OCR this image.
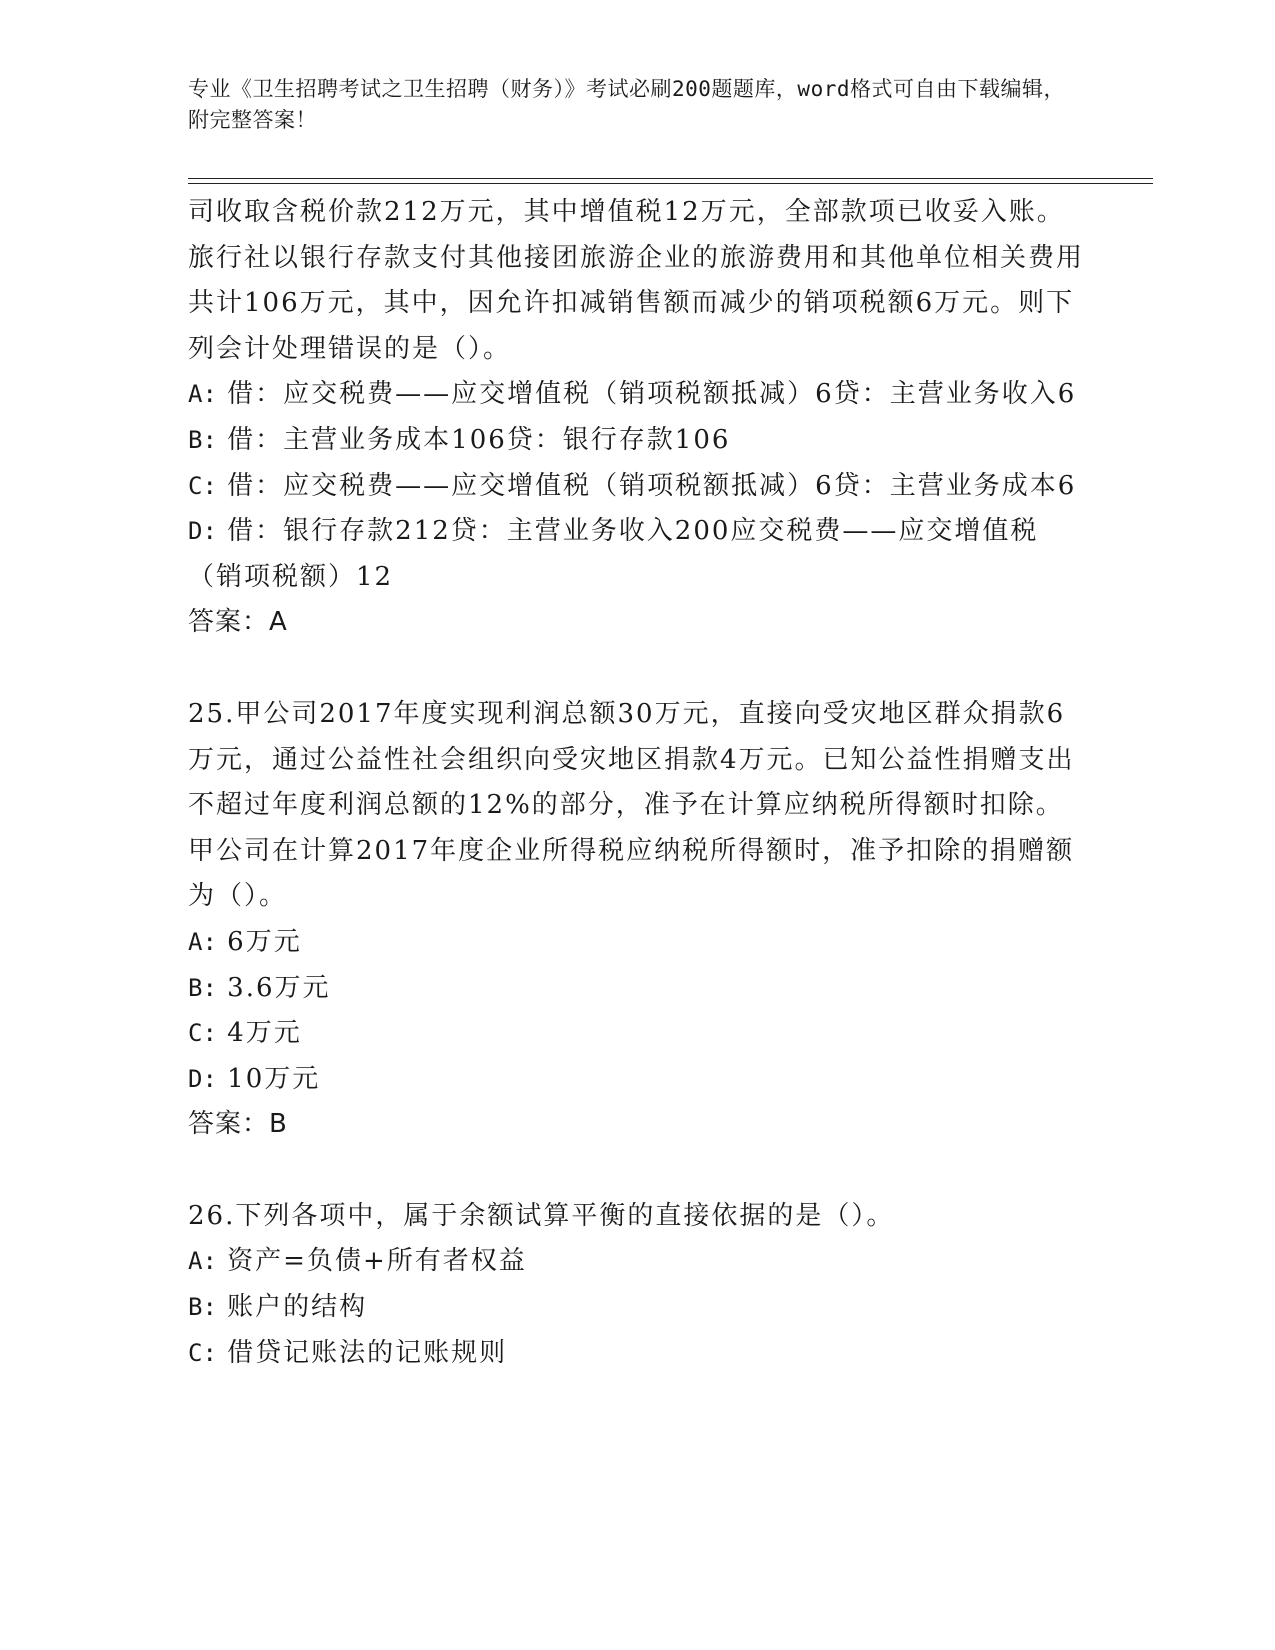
专业《卫生招聘考试之卫生招聘（财务）》考试必刷200题题库，word格式可自由下载编辑，附完整答案！

司收取含税价款212万元，其中增值税12万元，全部款项已收妥入账。旅行社以银行存款支付其他接团旅游企业的旅游费用和其他单位相关费用共计106万元，其中，因允许扣减销售额而减少的销项税额6万元。则下列会计处理错误的是（）。

A: 借：应交税费——应交增值税（销项税额抵减）6贷：主营业务收入6

B: 借：主营业务成本106贷：银行存款106

C: 借：应交税费——应交增值税（销项税额抵减）6贷：主营业务成本6

D: 借：银行存款212贷：主营业务收入200应交税费——应交增值税（销项税额）12

答案：A

25.甲公司2017年度实现利润总额30万元，直接向受灾地区群众捐款6万元，通过公益性社会组织向受灾地区捐款4万元。已知公益性捐赠支出不超过年度利润总额的12%的部分，准予在计算应纳税所得额时扣除。甲公司在计算2017年度企业所得税应纳税所得额时，准予扣除的捐赠额为（）。

A: 6万元

B: 3.6万元

C: 4万元

D: 10万元

答案：B

26.下列各项中，属于余额试算平衡的直接依据的是（）。

A: 资产=负债+所有者权益

B: 账户的结构

C: 借贷记账法的记账规则
